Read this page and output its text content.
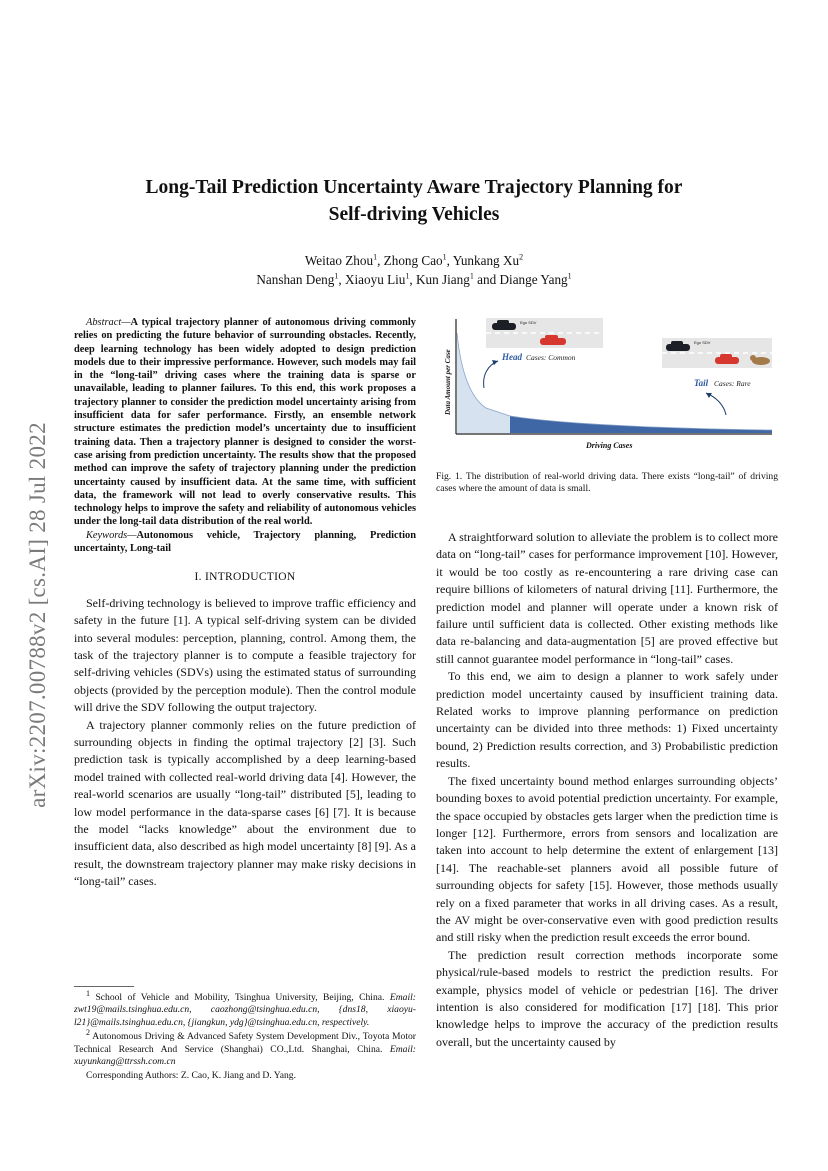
arXiv:2207.00788v2 [cs.AI] 28 Jul 2022
Long-Tail Prediction Uncertainty Aware Trajectory Planning for
Self-driving Vehicles
Weitao Zhou$^1$, Zhong Cao$^1$, Yunkang Xu$^2$
Nanshan Deng$^1$, Xiaoyu Liu$^1$, Kun Jiang$^1$ and Diange Yang$^1$

Abstract—A typical trajectory planner of autonomous driving commonly relies on predicting the future behavior of surrounding obstacles. Recently, deep learning technology has been widely adopted to design prediction models due to their impressive performance. However, such models may fail in the “long-tail” driving cases where the training data is sparse or unavailable, leading to planner failures. To this end, this work proposes a trajectory planner to consider the prediction model uncertainty arising from insufficient data for safer performance. Firstly, an ensemble network structure estimates the prediction model’s uncertainty due to insufficient training data. Then a trajectory planner is designed to consider the worst-case arising from prediction uncertainty. The results show that the proposed method can improve the safety of trajectory planning under the prediction uncertainty caused by insufficient data. At the same time, with sufficient data, the framework will not lead to overly conservative results. This technology helps to improve the safety and reliability of autonomous vehicles under the long-tail data distribution of the real world.

Keywords—Autonomous vehicle, Trajectory planning, Prediction uncertainty, Long-tail

I. INTRODUCTION

Self-driving technology is believed to improve traffic efficiency and safety in the future [1]. A typical self-driving system can be divided into several modules: perception, planning, control. Among them, the task of the trajectory planner is to compute a feasible trajectory for self-driving vehicles (SDVs) using the estimated status of surrounding objects (provided by the perception module). Then the control module will drive the SDV following the output trajectory.

A trajectory planner commonly relies on the future prediction of surrounding objects in finding the optimal trajectory [2] [3]. Such prediction task is typically accomplished by a deep learning-based model trained with collected real-world driving data [4]. However, the real-world scenarios are usually “long-tail” distributed [5], leading to low model performance in the data-sparse cases [6] [7]. It is because the model “lacks knowledge” about the environment due to insufficient data, also described as high model uncertainty [8] [9]. As a result, the downstream trajectory planner may make risky decisions in “long-tail” cases.

$^1$ School of Vehicle and Mobility, Tsinghua University, Beijing, China. Email: zwt19@mails.tsinghua.edu.cn, caozhong@tsinghua.edu.cn, {dns18, xiaoyu-l21}@mails.tsinghua.edu.cn, {jiangkun, ydg}@tsinghua.edu.cn, respectively.

$^2$ Autonomous Driving & Advanced Safety System Development Div., Toyota Motor Technical Research And Service (Shanghai) CO.,Ltd. Shanghai, China. Email: xuyunkang@ttrssh.com.cn

Corresponding Authors: Z. Cao, K. Jiang and D. Yang.

Ego SDV
Head Cases: Common
Ego SDV
Tail Cases: Rare
Data Amount per Case
Driving Cases
Fig. 1. The distribution of real-world driving data. There exists “long-tail” of driving cases where the amount of data is small.

A straightforward solution to alleviate the problem is to collect more data on “long-tail” cases for performance improvement [10]. However, it would be too costly as re-encountering a rare driving case can require billions of kilometers of natural driving [11]. Furthermore, the prediction model and planner will operate under a known risk of failure until sufficient data is collected. Other existing methods like data re-balancing and data-augmentation [5] are proved effective but still cannot guarantee model performance in “long-tail” cases.

To this end, we aim to design a planner to work safely under prediction model uncertainty caused by insufficient training data. Related works to improve planning performance on prediction uncertainty can be divided into three methods: 1) Fixed uncertainty bound, 2) Prediction results correction, and 3) Probabilistic prediction results.

The fixed uncertainty bound method enlarges surrounding objects’ bounding boxes to avoid potential prediction uncertainty. For example, the space occupied by obstacles gets larger when the prediction time is longer [12]. Furthermore, errors from sensors and localization are taken into account to help determine the extent of enlargement [13] [14]. The reachable-set planners avoid all possible future of surrounding objects for safety [15]. However, those methods usually rely on a fixed parameter that works in all driving cases. As a result, the AV might be over-conservative even with good prediction results and still risky when the prediction result exceeds the error bound.

The prediction result correction methods incorporate some physical/rule-based models to restrict the prediction results. For example, physics model of vehicle or pedestrian [16]. The driver intention is also considered for modification [17] [18]. This prior knowledge helps to improve the accuracy of the prediction results overall, but the uncertainty caused by
